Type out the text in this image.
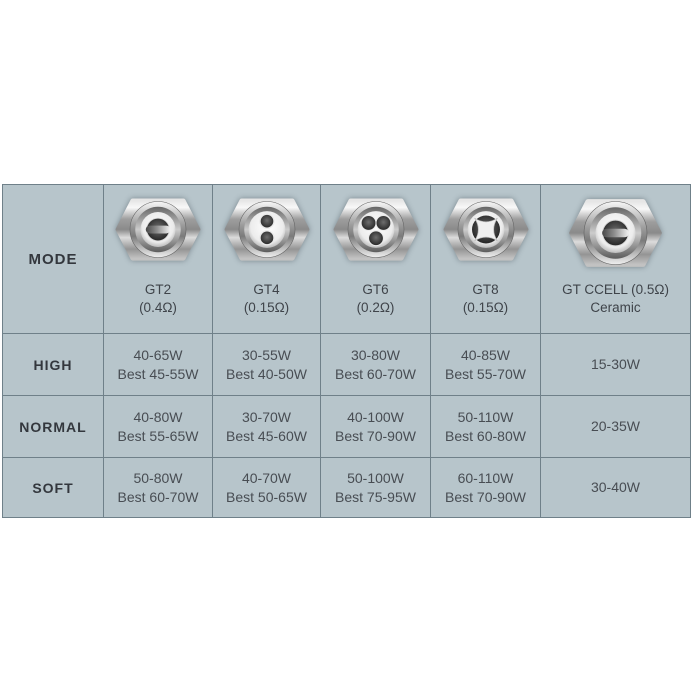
MODE
GT2
(0.4Ω)
GT4
(0.15Ω)
GT6
(0.2Ω)
GT8
(0.15Ω)
GT CCELL (0.5Ω)
Ceramic
HIGH
40-65W
Best 45-55W
30-55W
Best 40-50W
30-80W
Best 60-70W
40-85W
Best 55-70W
15-30W
NORMAL
40-80W
Best 55-65W
30-70W
Best 45-60W
40-100W
Best 70-90W
50-110W
Best 60-80W
20-35W
SOFT
50-80W
Best 60-70W
40-70W
Best 50-65W
50-100W
Best 75-95W
60-110W
Best 70-90W
30-40W
